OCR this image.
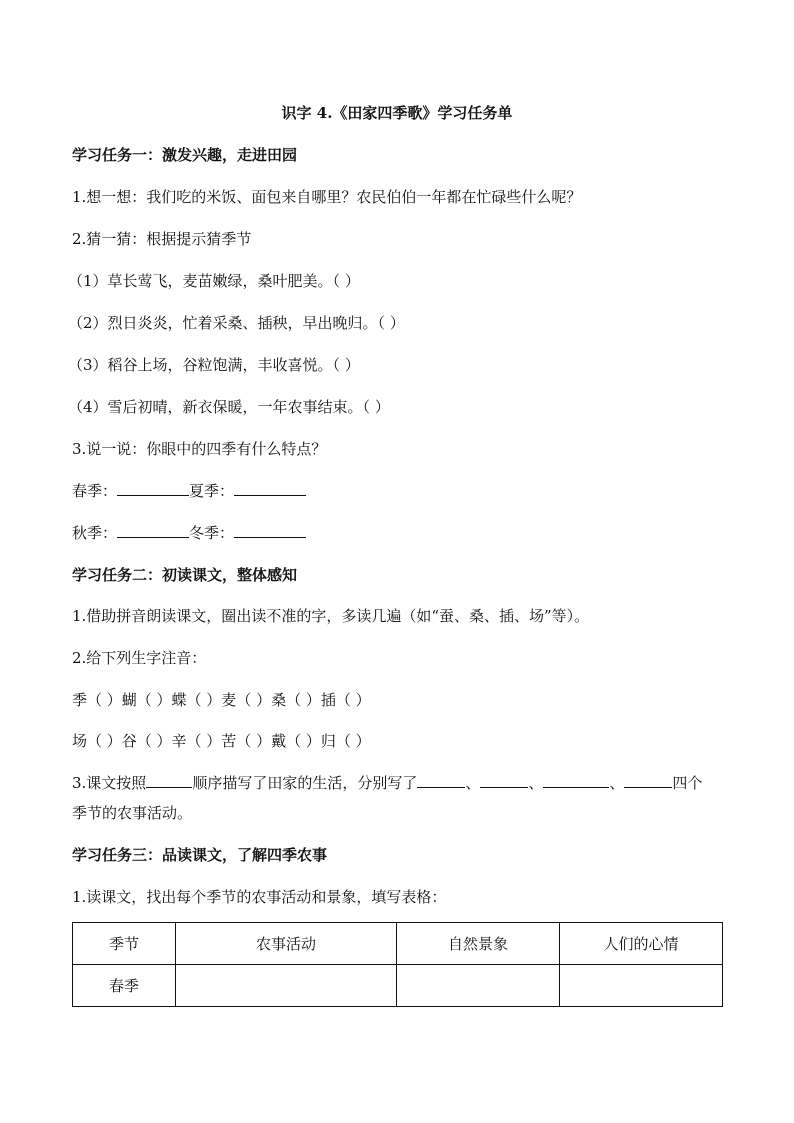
识字 4.《田家四季歌》学习任务单
学习任务一：激发兴趣，走进田园
1.想一想：我们吃的米饭、面包来自哪里？农民伯伯一年都在忙碌些什么呢？
2.猜一猜：根据提示猜季节
（1）草长莺飞，麦苗嫩绿，桑叶肥美。（ ）
（2）烈日炎炎，忙着采桑、插秧，早出晚归。（ ）
（3）稻谷上场，谷粒饱满，丰收喜悦。（ ）
（4）雪后初晴，新衣保暖，一年农事结束。（ ）
3.说一说：你眼中的四季有什么特点？
春季：	夏季：
秋季：	冬季：
学习任务二：初读课文，整体感知
1.借助拼音朗读课文，圈出读不准的字，多读几遍（如“蚕、桑、插、场”等）。
2.给下列生字注音：
季（ ）蝴（ ）蝶（ ）麦（ ）桑（ ）插（ ）
场（ ）谷（ ）辛（ ）苦（ ）戴（ ）归（ ）
3.课文按照	顺序描写了田家的生活，分别写了	、	、	、	四个
季节的农事活动。
学习任务三：品读课文，了解四季农事
1.读课文，找出每个季节的农事活动和景象，填写表格：
季节	农事活动	自然景象	人们的心情
春季			
